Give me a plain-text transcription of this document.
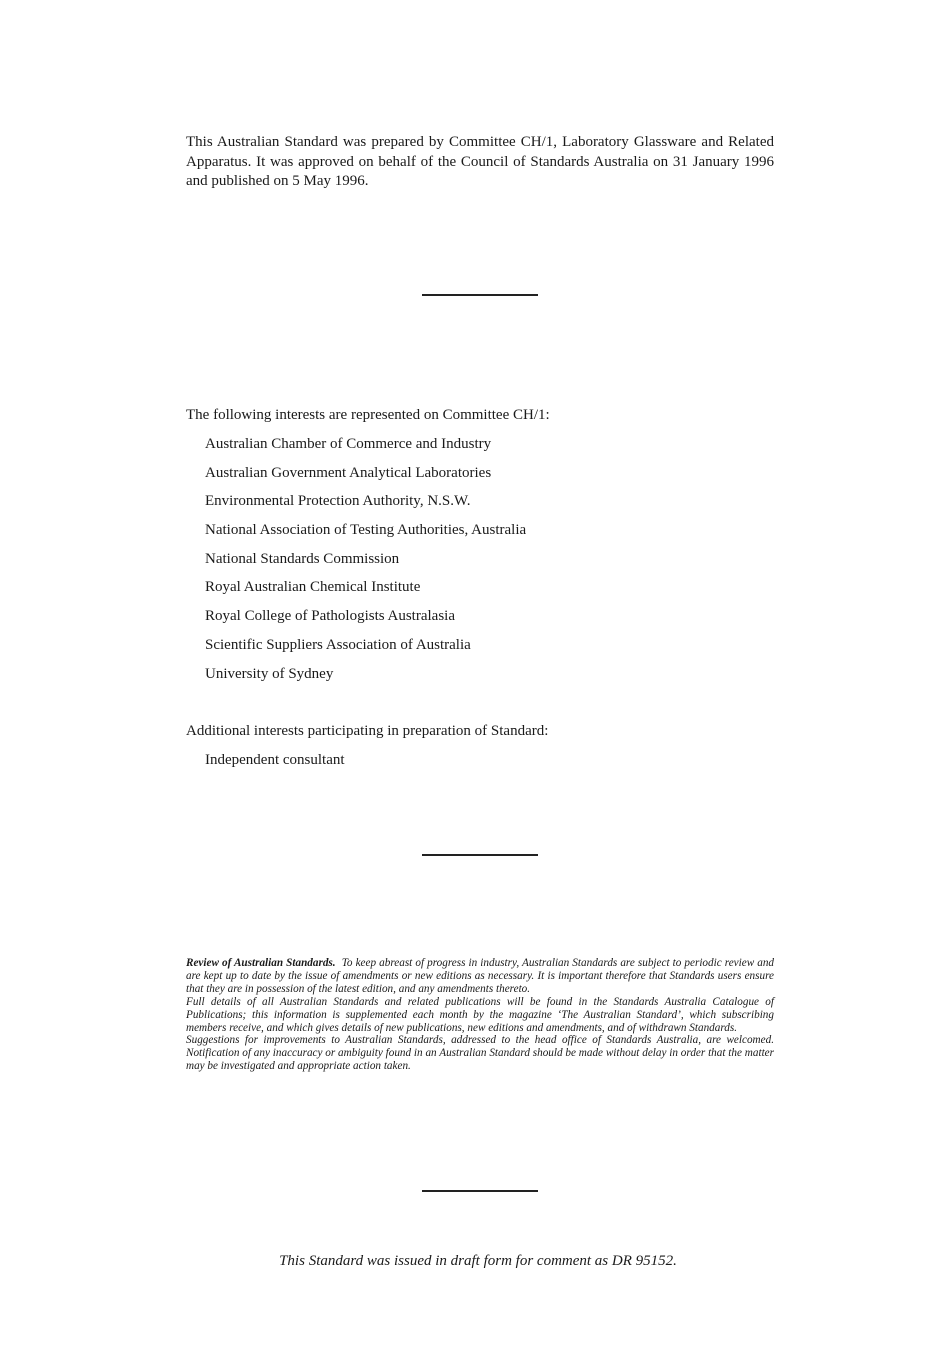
This Australian Standard was prepared by Committee CH/1, Laboratory Glassware and Related Apparatus. It was approved on behalf of the Council of Standards Australia on 31 January 1996 and published on 5 May 1996.
The following interests are represented on Committee CH/1:
Australian Chamber of Commerce and Industry
Australian Government Analytical Laboratories
Environmental Protection Authority, N.S.W.
National Association of Testing Authorities, Australia
National Standards Commission
Royal Australian Chemical Institute
Royal College of Pathologists Australasia
Scientific Suppliers Association of Australia
University of Sydney
Additional interests participating in preparation of Standard:
Independent consultant

Review of Australian Standards. To keep abreast of progress in industry, Australian Standards are subject to periodic review and are kept up to date by the issue of amendments or new editions as necessary. It is important therefore that Standards users ensure that they are in possession of the latest edition, and any amendments thereto.

Full details of all Australian Standards and related publications will be found in the Standards Australia Catalogue of Publications; this information is supplemented each month by the magazine ‘The Australian Standard’, which subscribing members receive, and which gives details of new publications, new editions and amendments, and of withdrawn Standards.

Suggestions for improvements to Australian Standards, addressed to the head office of Standards Australia, are welcomed. Notification of any inaccuracy or ambiguity found in an Australian Standard should be made without delay in order that the matter may be investigated and appropriate action taken.

This Standard was issued in draft form for comment as DR 95152.
